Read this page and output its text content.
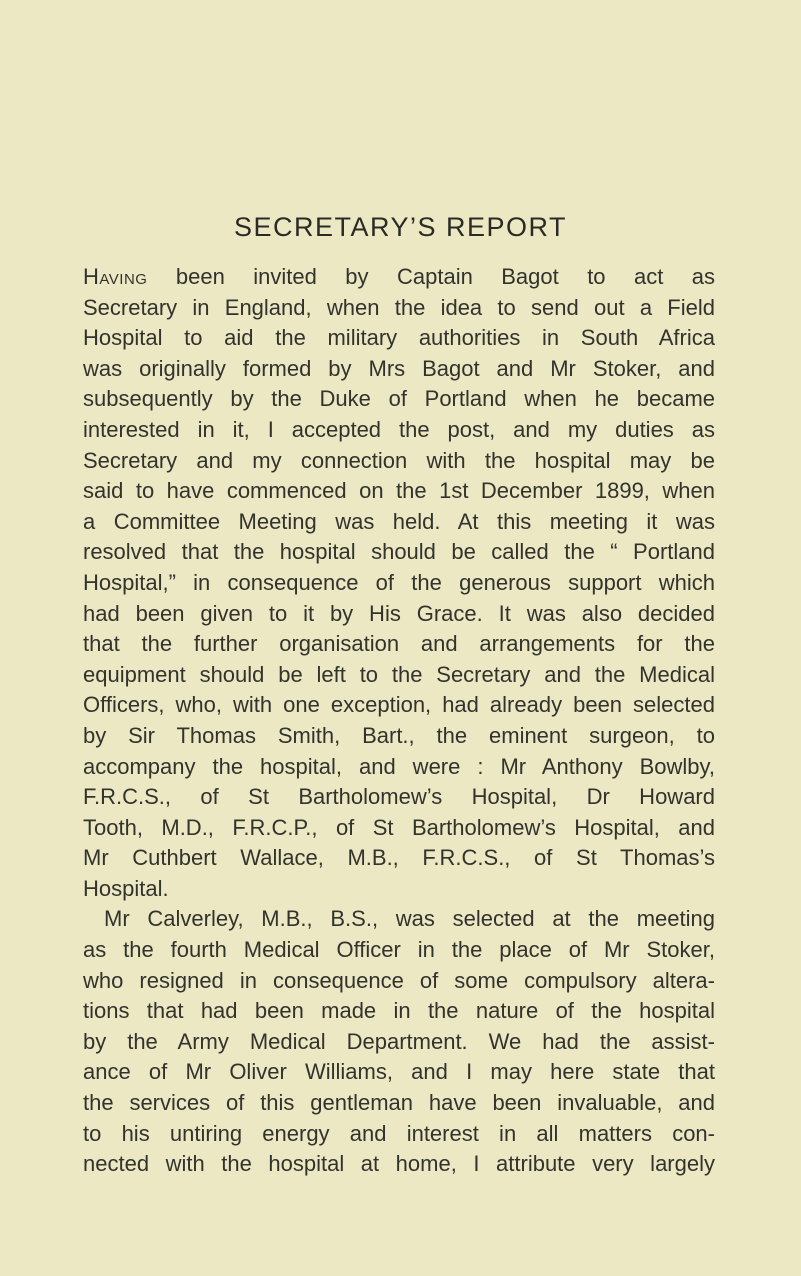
SECRETARY’S REPORT
Having been invited by Captain Bagot to act as
Secretary in England, when the idea to send out a Field
Hospital to aid the military authorities in South Africa
was originally formed by Mrs Bagot and Mr Stoker, and
subsequently by the Duke of Portland when he became
interested in it, I accepted the post, and my duties as
Secretary and my connection with the hospital may be
said to have commenced on the 1st December 1899, when
a Committee Meeting was held. At this meeting it was
resolved that the hospital should be called the “ Portland
Hospital,” in consequence of the generous support which
had been given to it by His Grace. It was also decided
that the further organisation and arrangements for the
equipment should be left to the Secretary and the Medical
Officers, who, with one exception, had already been selected
by Sir Thomas Smith, Bart., the eminent surgeon, to
accompany the hospital, and were : Mr Anthony Bowlby,
F.R.C.S., of St Bartholomew’s Hospital, Dr Howard
Tooth, M.D., F.R.C.P., of St Bartholomew’s Hospital, and
Mr Cuthbert Wallace, M.B., F.R.C.S., of St Thomas’s
Hospital.
Mr Calverley, M.B., B.S., was selected at the meeting
as the fourth Medical Officer in the place of Mr Stoker,
who resigned in consequence of some compulsory altera-
tions that had been made in the nature of the hospital
by the Army Medical Department. We had the assist-
ance of Mr Oliver Williams, and I may here state that
the services of this gentleman have been invaluable, and
to his untiring energy and interest in all matters con-
nected with the hospital at home, I attribute very largely
